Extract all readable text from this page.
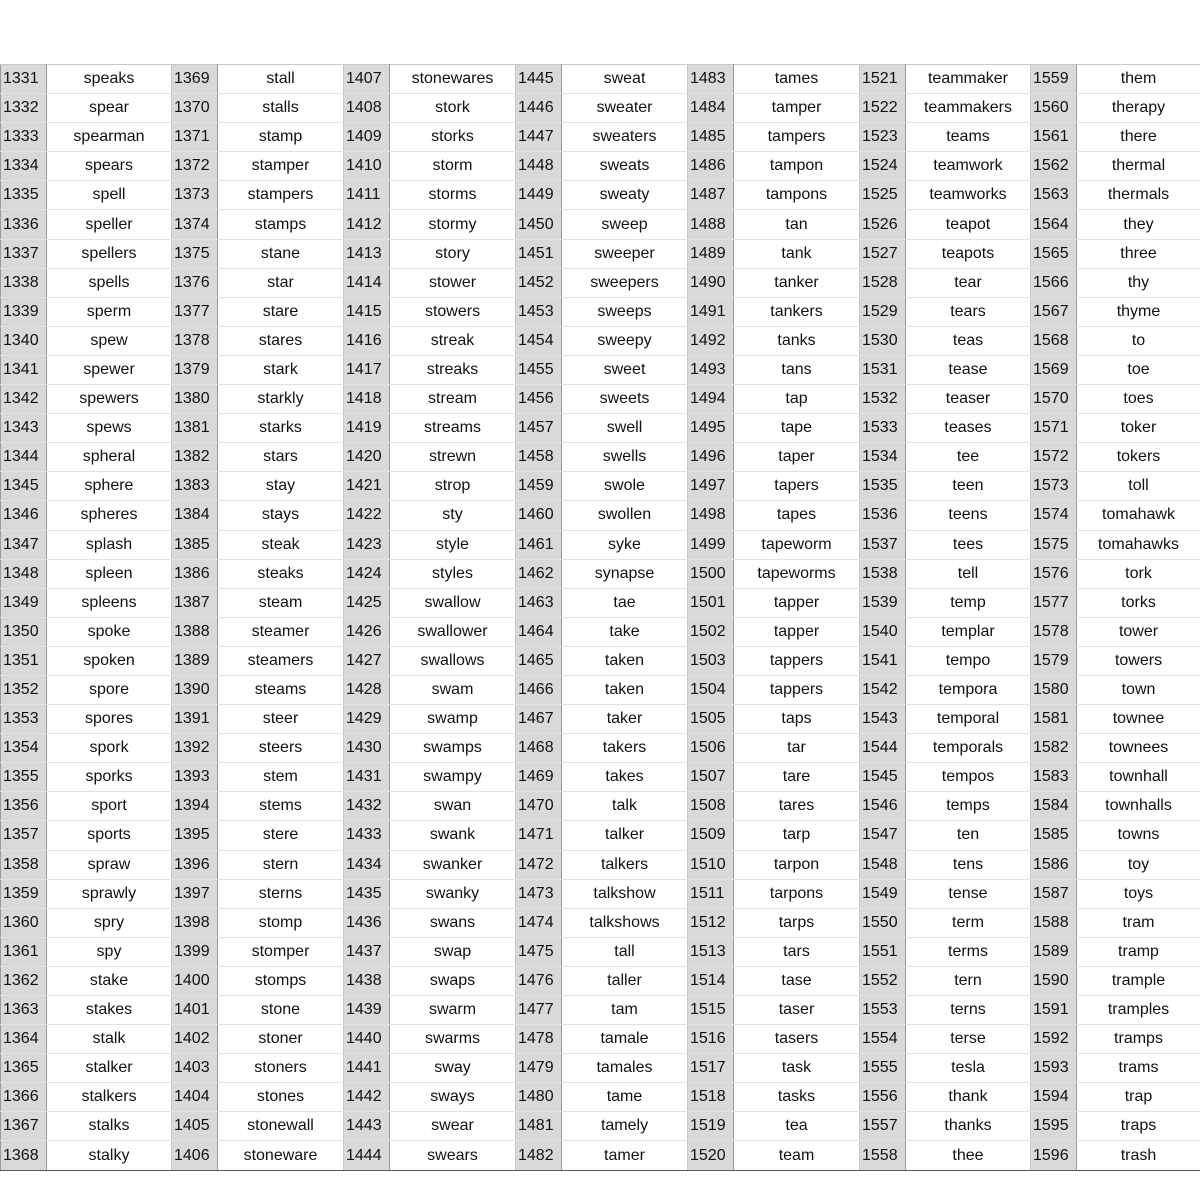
1331	speaks	1369	stall	1407	stonewares	1445	sweat	1483	tames	1521	teammaker	1559	them
1332	spear	1370	stalls	1408	stork	1446	sweater	1484	tamper	1522	teammakers	1560	therapy
1333	spearman	1371	stamp	1409	storks	1447	sweaters	1485	tampers	1523	teams	1561	there
1334	spears	1372	stamper	1410	storm	1448	sweats	1486	tampon	1524	teamwork	1562	thermal
1335	spell	1373	stampers	1411	storms	1449	sweaty	1487	tampons	1525	teamworks	1563	thermals
1336	speller	1374	stamps	1412	stormy	1450	sweep	1488	tan	1526	teapot	1564	they
1337	spellers	1375	stane	1413	story	1451	sweeper	1489	tank	1527	teapots	1565	three
1338	spells	1376	star	1414	stower	1452	sweepers	1490	tanker	1528	tear	1566	thy
1339	sperm	1377	stare	1415	stowers	1453	sweeps	1491	tankers	1529	tears	1567	thyme
1340	spew	1378	stares	1416	streak	1454	sweepy	1492	tanks	1530	teas	1568	to
1341	spewer	1379	stark	1417	streaks	1455	sweet	1493	tans	1531	tease	1569	toe
1342	spewers	1380	starkly	1418	stream	1456	sweets	1494	tap	1532	teaser	1570	toes
1343	spews	1381	starks	1419	streams	1457	swell	1495	tape	1533	teases	1571	toker
1344	spheral	1382	stars	1420	strewn	1458	swells	1496	taper	1534	tee	1572	tokers
1345	sphere	1383	stay	1421	strop	1459	swole	1497	tapers	1535	teen	1573	toll
1346	spheres	1384	stays	1422	sty	1460	swollen	1498	tapes	1536	teens	1574	tomahawk
1347	splash	1385	steak	1423	style	1461	syke	1499	tapeworm	1537	tees	1575	tomahawks
1348	spleen	1386	steaks	1424	styles	1462	synapse	1500	tapeworms	1538	tell	1576	tork
1349	spleens	1387	steam	1425	swallow	1463	tae	1501	tapper	1539	temp	1577	torks
1350	spoke	1388	steamer	1426	swallower	1464	take	1502	tapper	1540	templar	1578	tower
1351	spoken	1389	steamers	1427	swallows	1465	taken	1503	tappers	1541	tempo	1579	towers
1352	spore	1390	steams	1428	swam	1466	taken	1504	tappers	1542	tempora	1580	town
1353	spores	1391	steer	1429	swamp	1467	taker	1505	taps	1543	temporal	1581	townee
1354	spork	1392	steers	1430	swamps	1468	takers	1506	tar	1544	temporals	1582	townees
1355	sporks	1393	stem	1431	swampy	1469	takes	1507	tare	1545	tempos	1583	townhall
1356	sport	1394	stems	1432	swan	1470	talk	1508	tares	1546	temps	1584	townhalls
1357	sports	1395	stere	1433	swank	1471	talker	1509	tarp	1547	ten	1585	towns
1358	spraw	1396	stern	1434	swanker	1472	talkers	1510	tarpon	1548	tens	1586	toy
1359	sprawly	1397	sterns	1435	swanky	1473	talkshow	1511	tarpons	1549	tense	1587	toys
1360	spry	1398	stomp	1436	swans	1474	talkshows	1512	tarps	1550	term	1588	tram
1361	spy	1399	stomper	1437	swap	1475	tall	1513	tars	1551	terms	1589	tramp
1362	stake	1400	stomps	1438	swaps	1476	taller	1514	tase	1552	tern	1590	trample
1363	stakes	1401	stone	1439	swarm	1477	tam	1515	taser	1553	terns	1591	tramples
1364	stalk	1402	stoner	1440	swarms	1478	tamale	1516	tasers	1554	terse	1592	tramps
1365	stalker	1403	stoners	1441	sway	1479	tamales	1517	task	1555	tesla	1593	trams
1366	stalkers	1404	stones	1442	sways	1480	tame	1518	tasks	1556	thank	1594	trap
1367	stalks	1405	stonewall	1443	swear	1481	tamely	1519	tea	1557	thanks	1595	traps
1368	stalky	1406	stoneware	1444	swears	1482	tamer	1520	team	1558	thee	1596	trash
